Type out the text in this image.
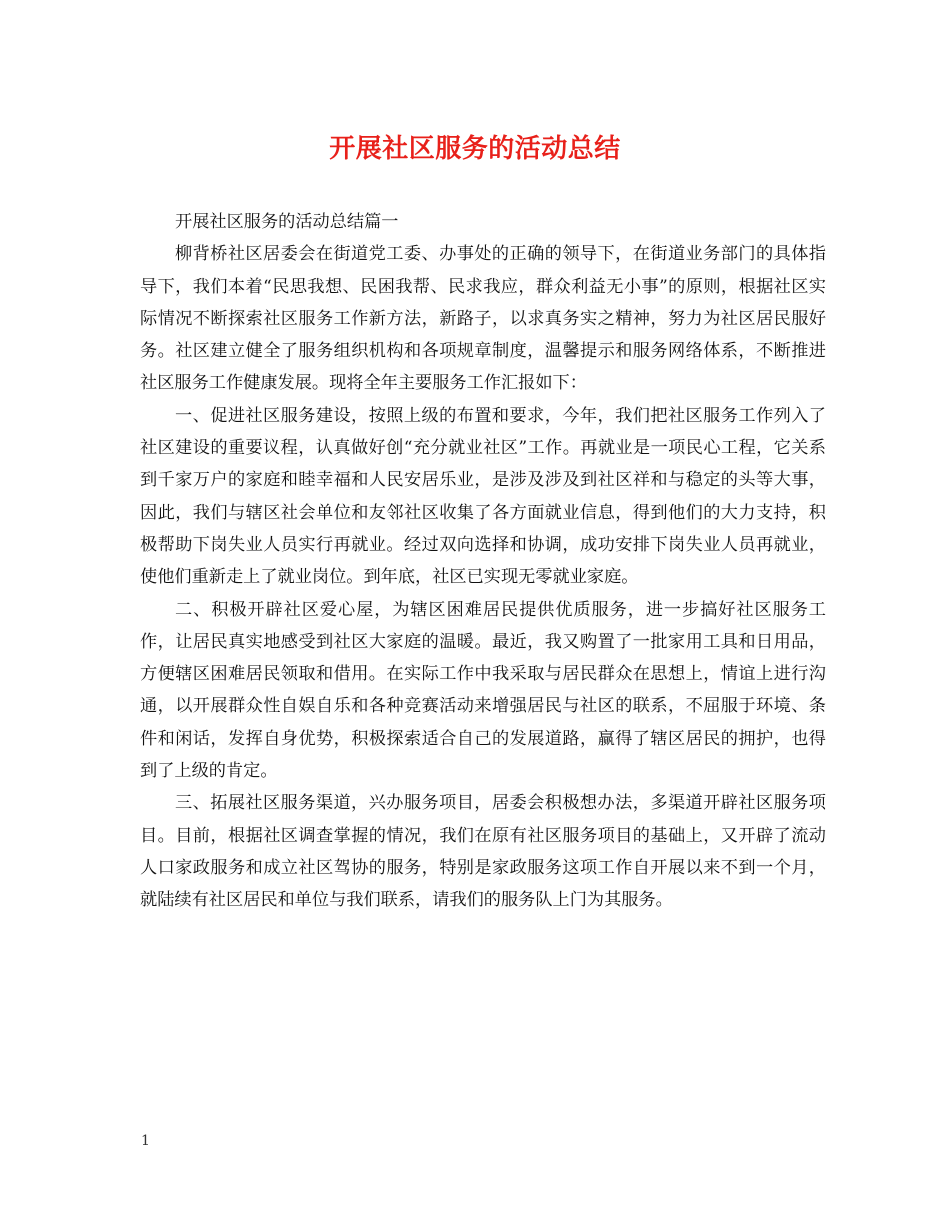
开展社区服务的活动总结

开展社区服务的活动总结篇一

柳背桥社区居委会在街道党工委、办事处的正确的领导下，在街道业务部门的具体指导下，我们本着“民思我想、民困我帮、民求我应，群众利益无小事”的原则，根据社区实际情况不断探索社区服务工作新方法，新路子，以求真务实之精神，努力为社区居民服好务。社区建立健全了服务组织机构和各项规章制度，温馨提示和服务网络体系，不断推进社区服务工作健康发展。现将全年主要服务工作汇报如下：

一、促进社区服务建设，按照上级的布置和要求，今年，我们把社区服务工作列入了社区建设的重要议程，认真做好创“充分就业社区”工作。再就业是一项民心工程，它关系到千家万户的家庭和睦幸福和人民安居乐业，是涉及涉及到社区祥和与稳定的头等大事，因此，我们与辖区社会单位和友邻社区收集了各方面就业信息，得到他们的大力支持，积极帮助下岗失业人员实行再就业。经过双向选择和协调，成功安排下岗失业人员再就业，使他们重新走上了就业岗位。到年底，社区已实现无零就业家庭。

二、积极开辟社区爱心屋，为辖区困难居民提供优质服务，进一步搞好社区服务工作，让居民真实地感受到社区大家庭的温暖。最近，我又购置了一批家用工具和日用品，方便辖区困难居民领取和借用。在实际工作中我采取与居民群众在思想上，情谊上进行沟通，以开展群众性自娱自乐和各种竞赛活动来增强居民与社区的联系，不屈服于环境、条件和闲话，发挥自身优势，积极探索适合自己的发展道路，赢得了辖区居民的拥护，也得到了上级的肯定。

三、拓展社区服务渠道，兴办服务项目，居委会积极想办法，多渠道开辟社区服务项目。目前，根据社区调查掌握的情况，我们在原有社区服务项目的基础上，又开辟了流动人口家政服务和成立社区驾协的服务，特别是家政服务这项工作自开展以来不到一个月，就陆续有社区居民和单位与我们联系，请我们的服务队上门为其服务。

1
